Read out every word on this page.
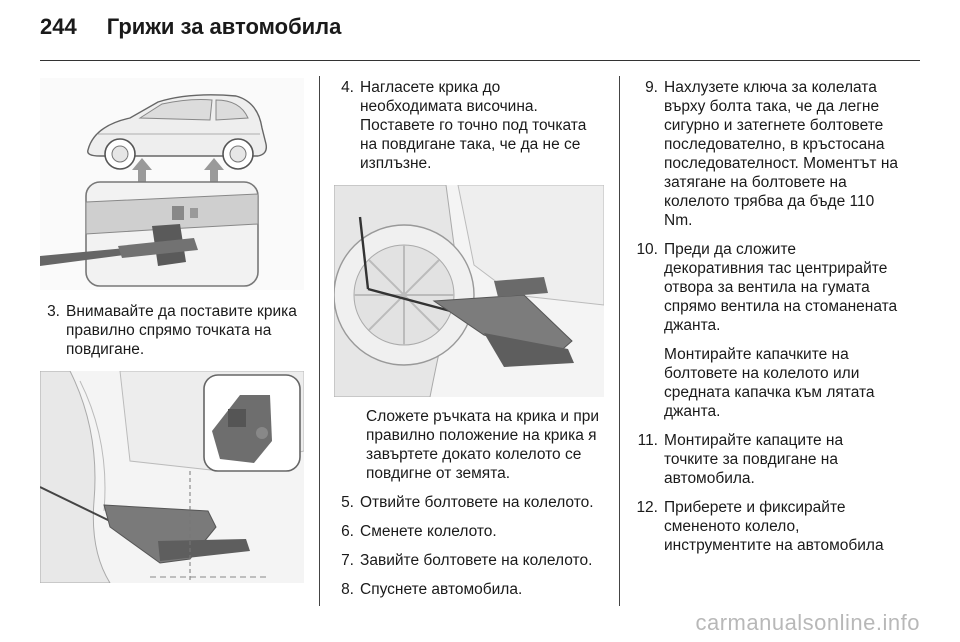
244 Грижи за автомобила
3. Внимавайте да поставите крика правилно спрямо точката на повдигане.
4. Нагласете крика до необходимата височина. Поставете го точно под точката на повдигане така, че да не се изплъзне.
Сложете ръчката на крика и при правилно положение на крика я завъртете докато колелото се повдигне от земята.
5. Отвийте болтовете на колелото.
6. Сменете колелото.
7. Завийте болтовете на колелото.
8. Спуснете автомобила.
9. Нахлузете ключа за колелата върху болта така, че да легне сигурно и затегнете болтовете последователно, в кръстосана последователност. Моментът на затягане на болтовете на колелото трябва да бъде 110 Nm.
10. Преди да сложите декоративния тас центрирайте отвора за вентила на гумата спрямо вентила на стоманената джанта.
Монтирайте капачките на болтовете на колелото или средната капачка към лятата джанта.
11. Монтирайте капаците на точките за повдигане на автомобила.
12. Приберете и фиксирайте смененото колело, инструментите на автомобила
carmanualsonline.info
